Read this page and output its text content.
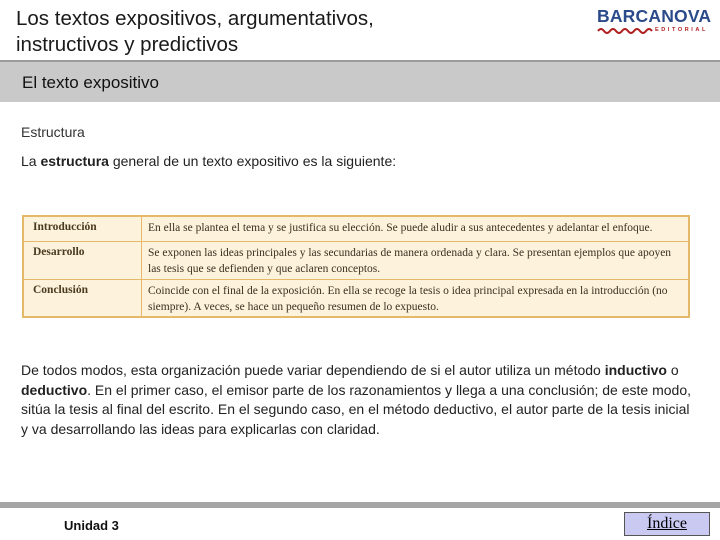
Los textos expositivos, argumentativos,
instructivos y predictivos
BARCANOVA
EDITORIAL
El texto expositivo
Estructura
La estructura general de un texto expositivo es la siguiente:
Introducción	En ella se plantea el tema y se justifica su elección. Se puede aludir a sus antecedentes y adelantar el enfoque.
Desarrollo	Se exponen las ideas principales y las secundarias de manera ordenada y clara. Se presentan ejemplos que apoyen las tesis que se defienden y que aclaren conceptos.
Conclusión	Coincide con el final de la exposición. En ella se recoge la tesis o idea principal expresada en la introducción (no siempre). A veces, se hace un pequeño resumen de lo expuesto.
De todos modos, esta organización puede variar dependiendo de si el autor utiliza un método inductivo o deductivo. En el primer caso, el emisor parte de los razonamientos y llega a una conclusión; de este modo, sitúa la tesis al final del escrito. En el segundo caso, en el método deductivo, el autor parte de la tesis inicial y va desarrollando las ideas para explicarlas con claridad.
Unidad 3	Índice
